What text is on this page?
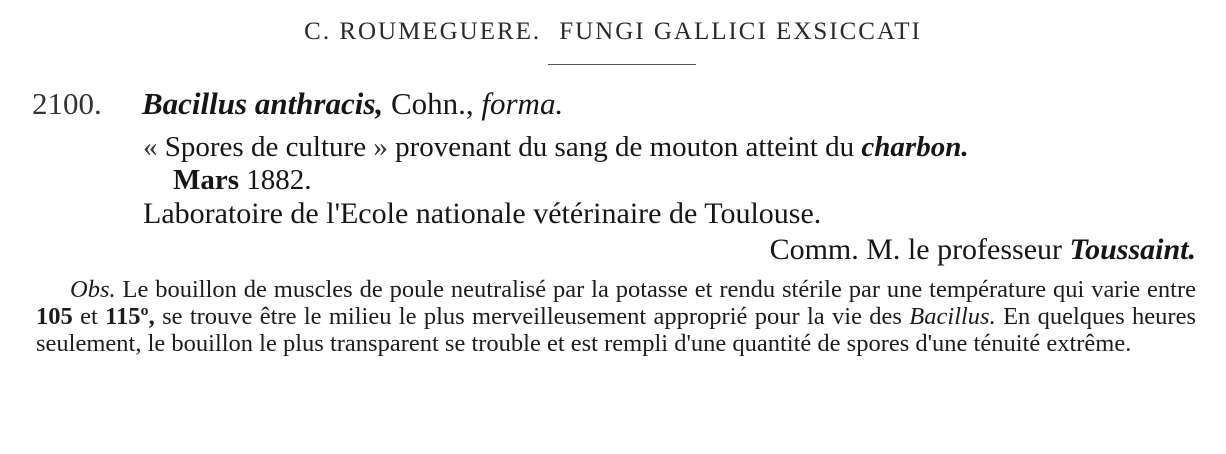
C. ROUMEGUERE. FUNGI GALLICI EXSICCATI
2100. Bacillus anthracis, Cohn., forma.
« Spores de culture » provenant du sang de mouton atteint du charbon.
Mars 1882.
Laboratoire de l'Ecole nationale vétérinaire de Toulouse.
Comm. M. le professeur Toussaint.
Obs. Le bouillon de muscles de poule neutralisé par la potasse et rendu stérile par une température qui varie entre 105 et 115º, se trouve être le milieu le plus merveilleusement approprié pour la vie des Bacillus. En quelques heures seulement, le bouillon le plus transparent se trouble et est rempli d'une quantité de spores d'une ténuité extrême.
